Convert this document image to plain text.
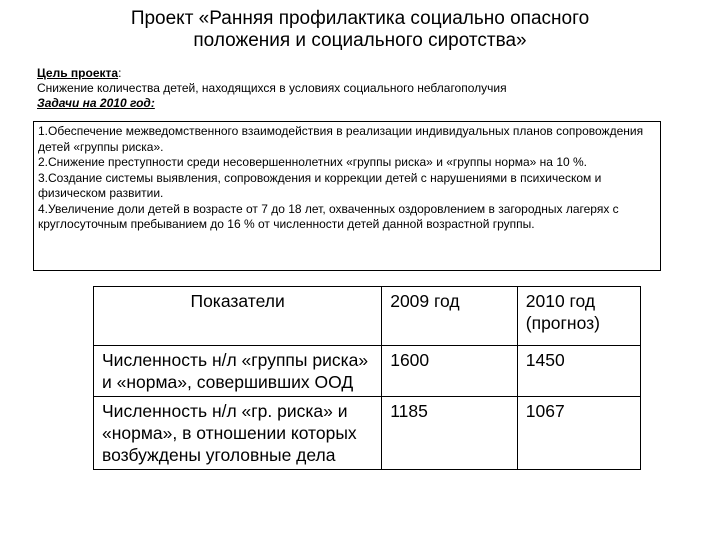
Проект «Ранняя профилактика социально опасного
положения и социального сиротства»
Цель проекта:
Снижение количества детей, находящихся в условиях социального неблагополучия
Задачи на 2010 год:

1.Обеспечение межведомственного взаимодействия в реализации индивидуальных планов сопровождения детей «группы риска».

2.Снижение преступности среди несовершеннолетних «группы риска» и «группы норма» на 10 %.

3.Создание системы выявления, сопровождения и коррекции детей с нарушениями в психическом и физическом развитии.

4.Увеличение доли детей в возрасте от 7 до 18 лет, охваченных оздоровлением в загородных лагерях с круглосуточным пребыванием до 16 % от численности детей данной возрастной группы.

Показатели	2009 год	2010 год (прогноз)
Численность н/л «группы риска» и «норма», совершивших ООД	1600	1450
Численность н/л «гр. риска» и «норма», в отношении которых возбуждены уголовные дела	1185	1067
